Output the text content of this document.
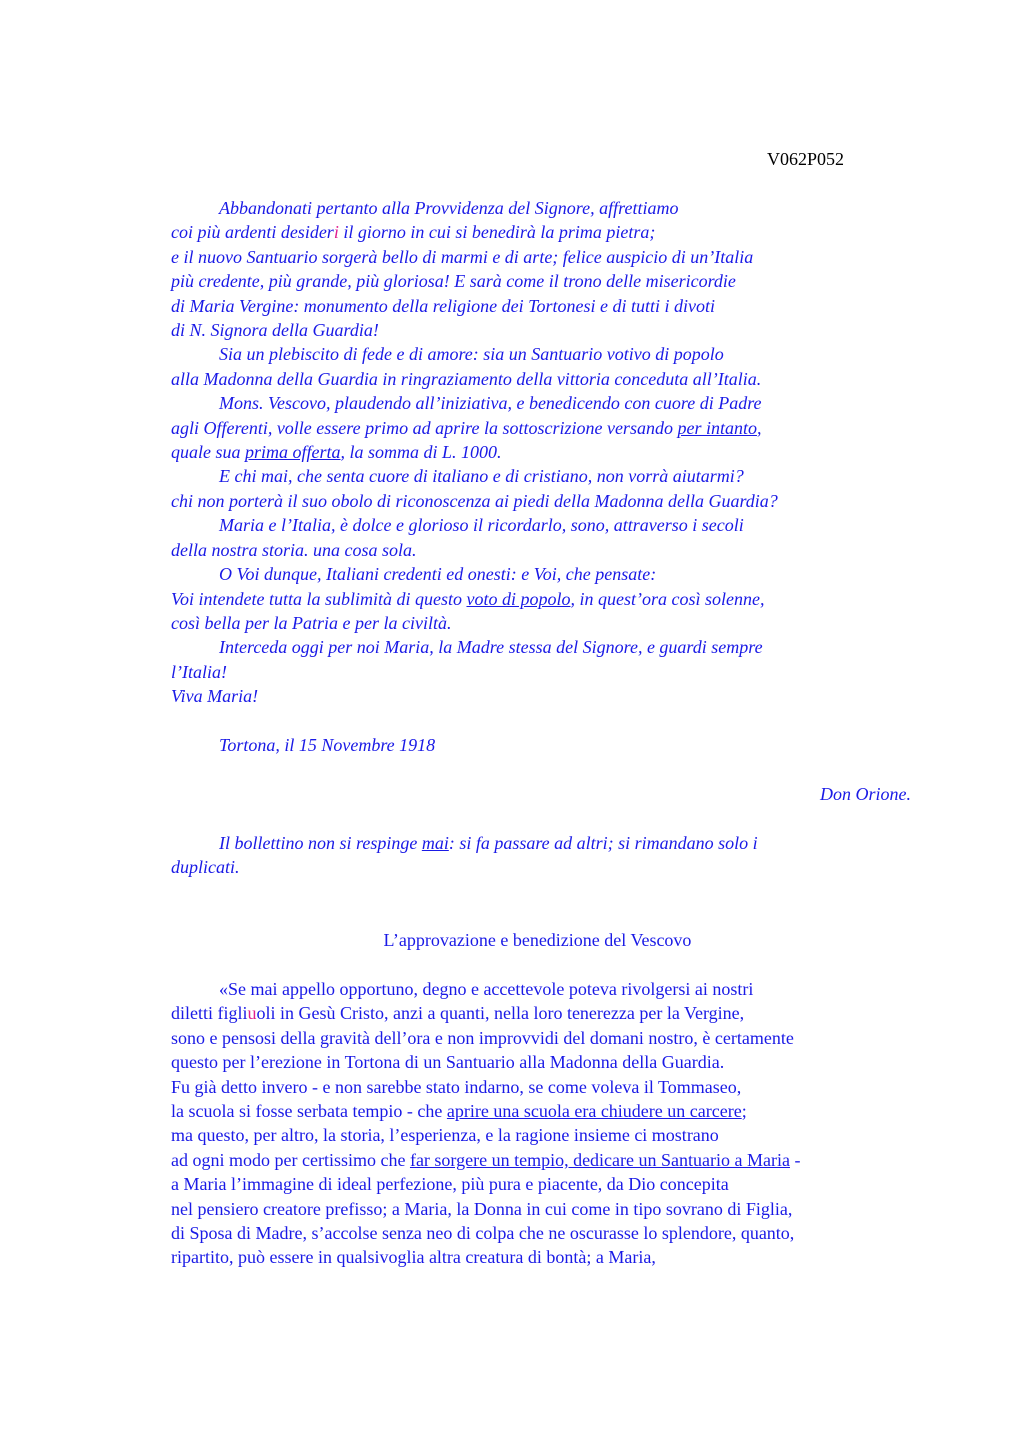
V062P052
Abbandonati pertanto alla Provvidenza del Signore, affrettiamo
coi più ardenti desideri il giorno in cui si benedirà la prima pietra;
e il nuovo Santuario sorgerà bello di marmi e di arte; felice auspicio di un’Italia
più credente, più grande, più gloriosa! E sarà come il trono delle misericordie
di Maria Vergine: monumento della religione dei Tortonesi e di tutti i divoti
di N. Signora della Guardia!
Sia un plebiscito di fede e di amore: sia un Santuario votivo di popolo
alla Madonna della Guardia in ringraziamento della vittoria conceduta all’Italia.
Mons. Vescovo, plaudendo all’iniziativa, e benedicendo con cuore di Padre
agli Offerenti, volle essere primo ad aprire la sottoscrizione versando per intanto,
quale sua prima offerta, la somma di L. 1000.
E chi mai, che senta cuore di italiano e di cristiano, non vorrà aiutarmi?
chi non porterà il suo obolo di riconoscenza ai piedi della Madonna della Guardia?
Maria e l’Italia, è dolce e glorioso il ricordarlo, sono, attraverso i secoli
della nostra storia. una cosa sola.
O Voi dunque, Italiani credenti ed onesti: e Voi, che pensate:
Voi intendete tutta la sublimità di questo voto di popolo, in quest’ora così solenne,
così bella per la Patria e per la civiltà.
Interceda oggi per noi Maria, la Madre stessa del Signore, e guardi sempre
l’Italia!
Viva Maria!
Tortona, il 15 Novembre 1918
Don Orione.
Il bollettino non si respinge mai: si fa passare ad altri; si rimandano solo i
duplicati.
L’approvazione e benedizione del Vescovo
«Se mai appello opportuno, degno e accettevole poteva rivolgersi ai nostri
diletti figliuoli in Gesù Cristo, anzi a quanti, nella loro tenerezza per la Vergine,
sono e pensosi della gravità dell’ora e non improvvidi del domani nostro, è certamente
questo per l’erezione in Tortona di un Santuario alla Madonna della Guardia.
Fu già detto invero - e non sarebbe stato indarno, se come voleva il Tommaseo,
la scuola si fosse serbata tempio - che aprire una scuola era chiudere un carcere;
ma questo, per altro, la storia, l’esperienza, e la ragione insieme ci mostrano
ad ogni modo per certissimo che far sorgere un tempio, dedicare un Santuario a Maria -
a Maria l’immagine di ideal perfezione, più pura e piacente, da Dio concepita
nel pensiero creatore prefisso; a Maria, la Donna in cui come in tipo sovrano di Figlia,
di Sposa di Madre, s’accolse senza neo di colpa che ne oscurasse lo splendore, quanto,
ripartito, può essere in qualsivoglia altra creatura di bontà; a Maria,
